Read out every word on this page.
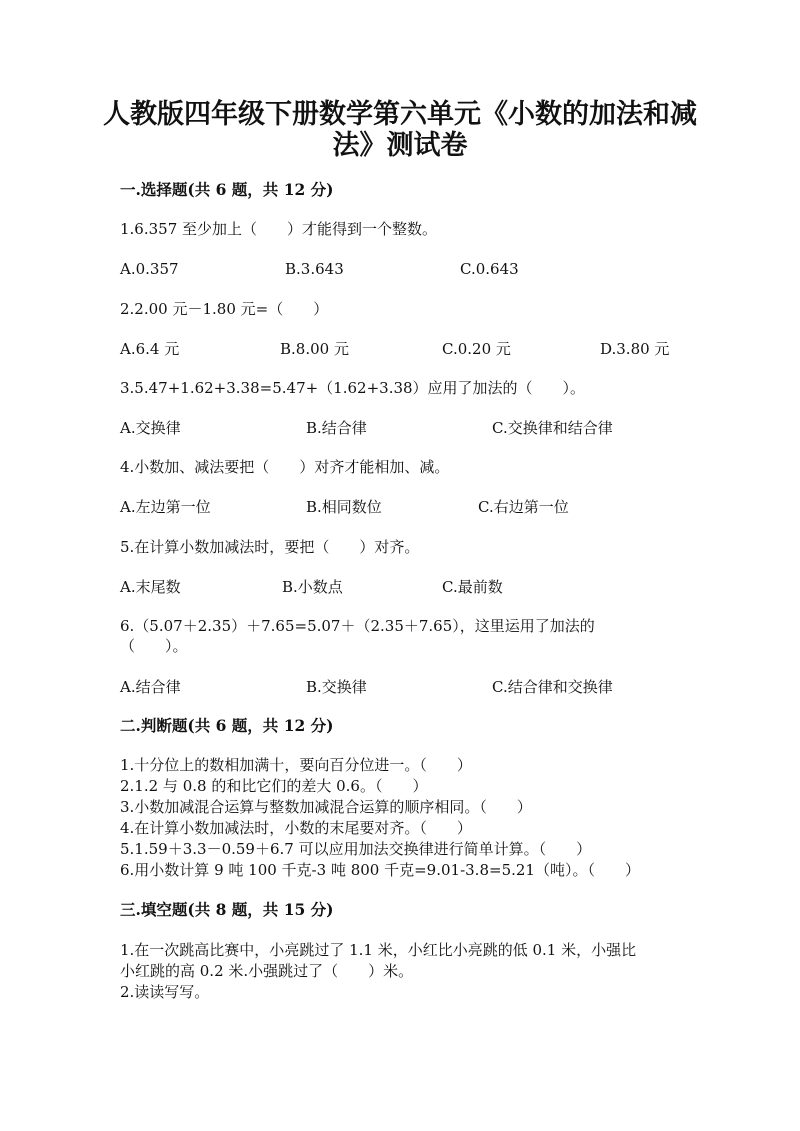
人教版四年级下册数学第六单元《小数的加法和减
法》测试卷
一.选择题(共 6 题，共 12 分)
1.6.357 至少加上（　　）才能得到一个整数。
A.0.357	B.3.643	C.0.643
2.2.00 元－1.80 元=（　　）
A.6.4 元	B.8.00 元	C.0.20 元	D.3.80 元
3.5.47+1.62+3.38=5.47+（1.62+3.38）应用了加法的（　　）。
A.交换律	B.结合律	C.交换律和结合律
4.小数加、减法要把（　　）对齐才能相加、减。
A.左边第一位	B.相同数位	C.右边第一位
5.在计算小数加减法时，要把（　　）对齐。
A.末尾数	B.小数点	C.最前数
6.（5.07＋2.35）＋7.65=5.07＋（2.35＋7.65），这里运用了加法的
（　　）。
A.结合律	B.交换律	C.结合律和交换律
二.判断题(共 6 题，共 12 分)
1.十分位上的数相加满十，要向百分位进一。（　　）
2.1.2 与 0.8 的和比它们的差大 0.6。（　　）
3.小数加减混合运算与整数加减混合运算的顺序相同。（　　）
4.在计算小数加减法时，小数的末尾要对齐。（　　）
5.1.59＋3.3－0.59＋6.7 可以应用加法交换律进行简单计算。（　　）
6.用小数计算 9 吨 100 千克-3 吨 800 千克=9.01-3.8=5.21（吨）。（　　）
三.填空题(共 8 题，共 15 分)
1.在一次跳高比赛中，小亮跳过了 1.1 米，小红比小亮跳的低 0.1 米，小强比
小红跳的高 0.2 米.小强跳过了（　　）米。
2.读读写写。
